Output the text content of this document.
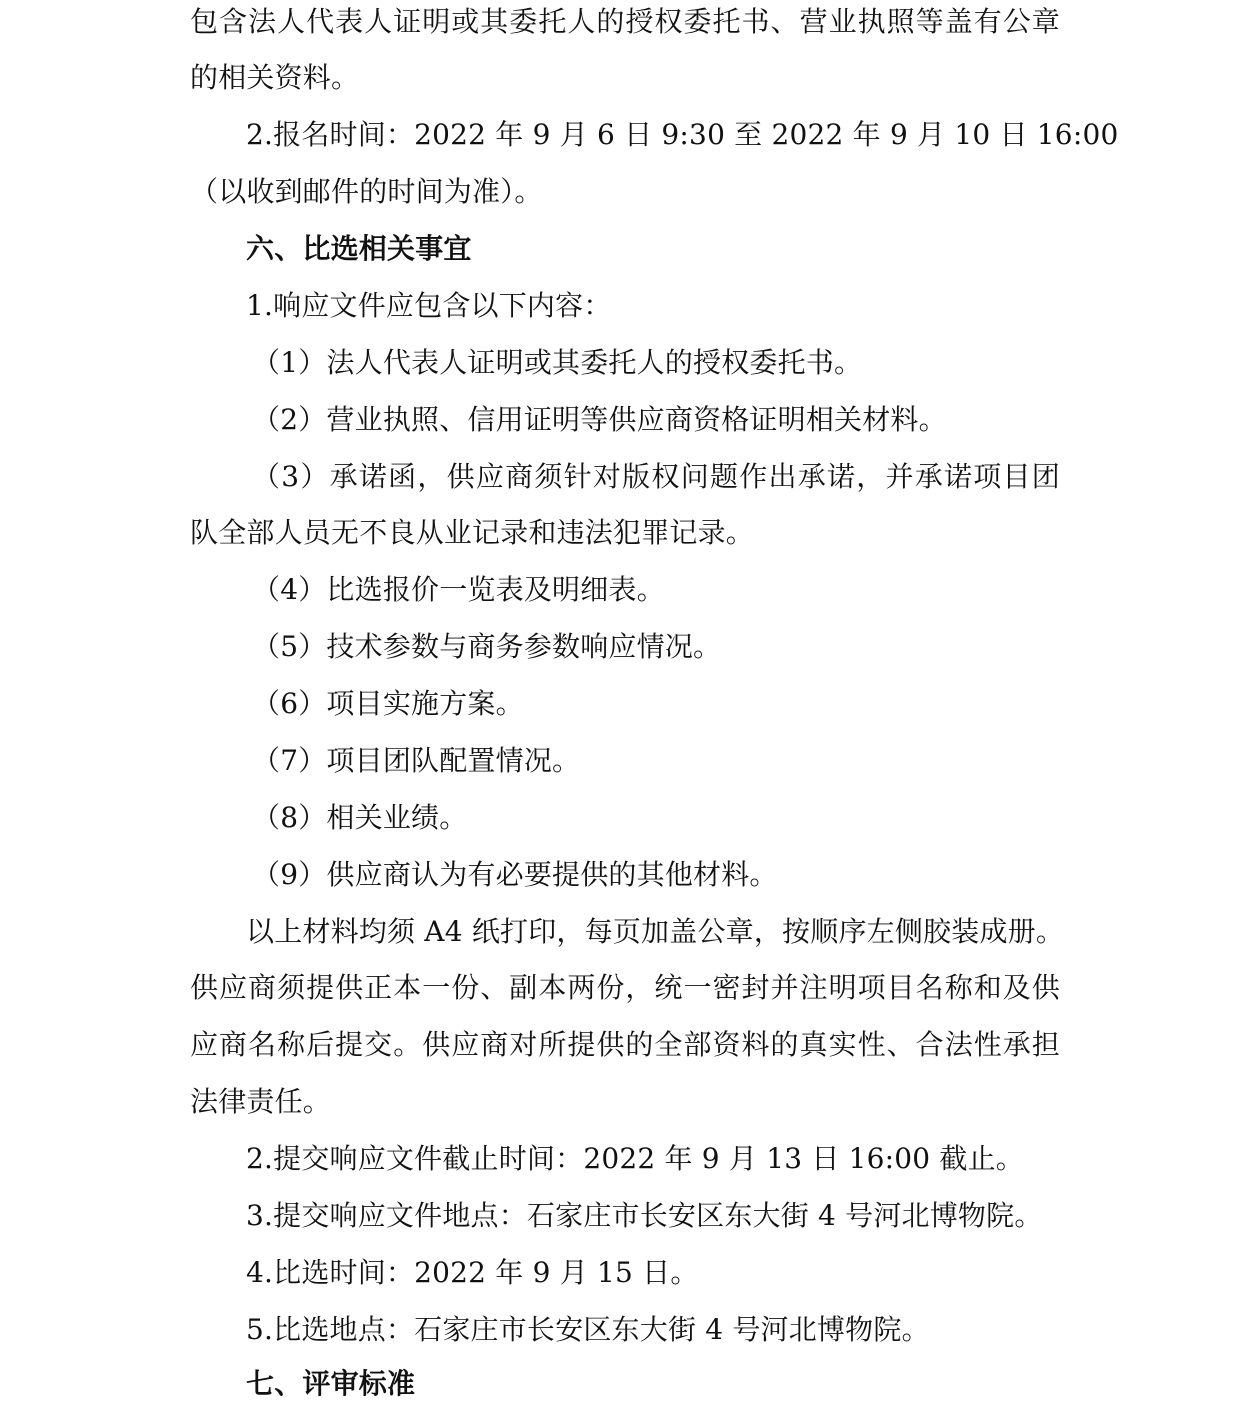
包含法人代表人证明或其委托人的授权委托书、营业执照等盖有公章
的相关资料。
2.报名时间：2022 年 9 月 6 日 9:30 至 2022 年 9 月 10 日 16:00
（以收到邮件的时间为准）。
六、比选相关事宜
1.响应文件应包含以下内容：
（1）法人代表人证明或其委托人的授权委托书。
（2）营业执照、信用证明等供应商资格证明相关材料。
（3）承诺函，供应商须针对版权问题作出承诺，并承诺项目团
队全部人员无不良从业记录和违法犯罪记录。
（4）比选报价一览表及明细表。
（5）技术参数与商务参数响应情况。
（6）项目实施方案。
（7）项目团队配置情况。
（8）相关业绩。
（9）供应商认为有必要提供的其他材料。
以上材料均须 A4 纸打印，每页加盖公章，按顺序左侧胶装成册。
供应商须提供正本一份、副本两份，统一密封并注明项目名称和及供
应商名称后提交。供应商对所提供的全部资料的真实性、合法性承担
法律责任。
2.提交响应文件截止时间：2022 年 9 月 13 日 16:00 截止。
3.提交响应文件地点：石家庄市长安区东大街 4 号河北博物院。
4.比选时间：2022 年 9 月 15 日。
5.比选地点：石家庄市长安区东大街 4 号河北博物院。
七、评审标准
